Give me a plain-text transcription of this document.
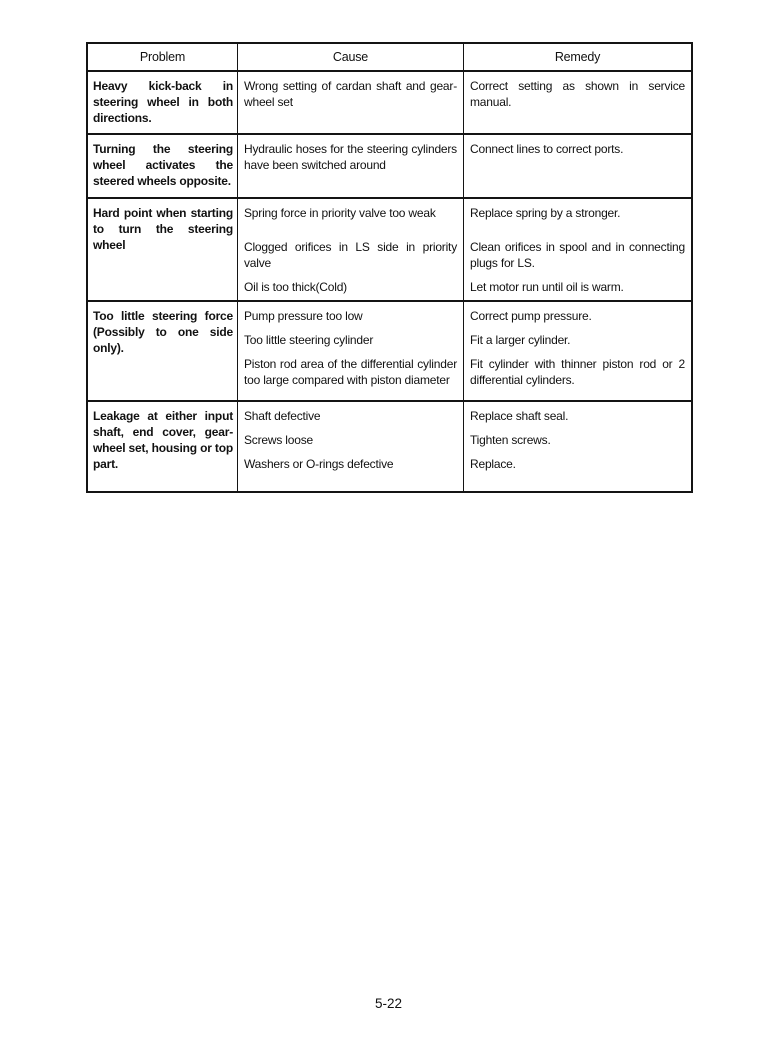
Problem	Cause	Remedy
Heavy kick-back in steering wheel in both directions.

Wrong setting of cardan shaft and gear-wheel set

Correct setting as shown in service manual.

Turning the steering wheel activates the steered wheels opposite.

Hydraulic hoses for the steering cylinders have been switched around

Connect lines to correct ports.

Hard point when starting to turn the steering wheel

Spring force in priority valve too weak

Clogged orifices in LS side in priority valve

Oil is too thick(Cold)

Replace spring by a stronger.

Clean orifices in spool and in connecting plugs for LS.

Let motor run until oil is warm.

Too little steering force (Possibly to one side only).

Pump pressure too low

Too little steering cylinder

Piston rod area of the differential cylinder too large compared with piston diameter

Correct pump pressure.

Fit a larger cylinder.

Fit cylinder with thinner piston rod or 2 differential cylinders.

Leakage at either input shaft, end cover, gear-wheel set, housing or top part.

Shaft defective

Screws loose

Washers or O-rings defective

Replace shaft seal.

Tighten screws.

Replace.

5-22
